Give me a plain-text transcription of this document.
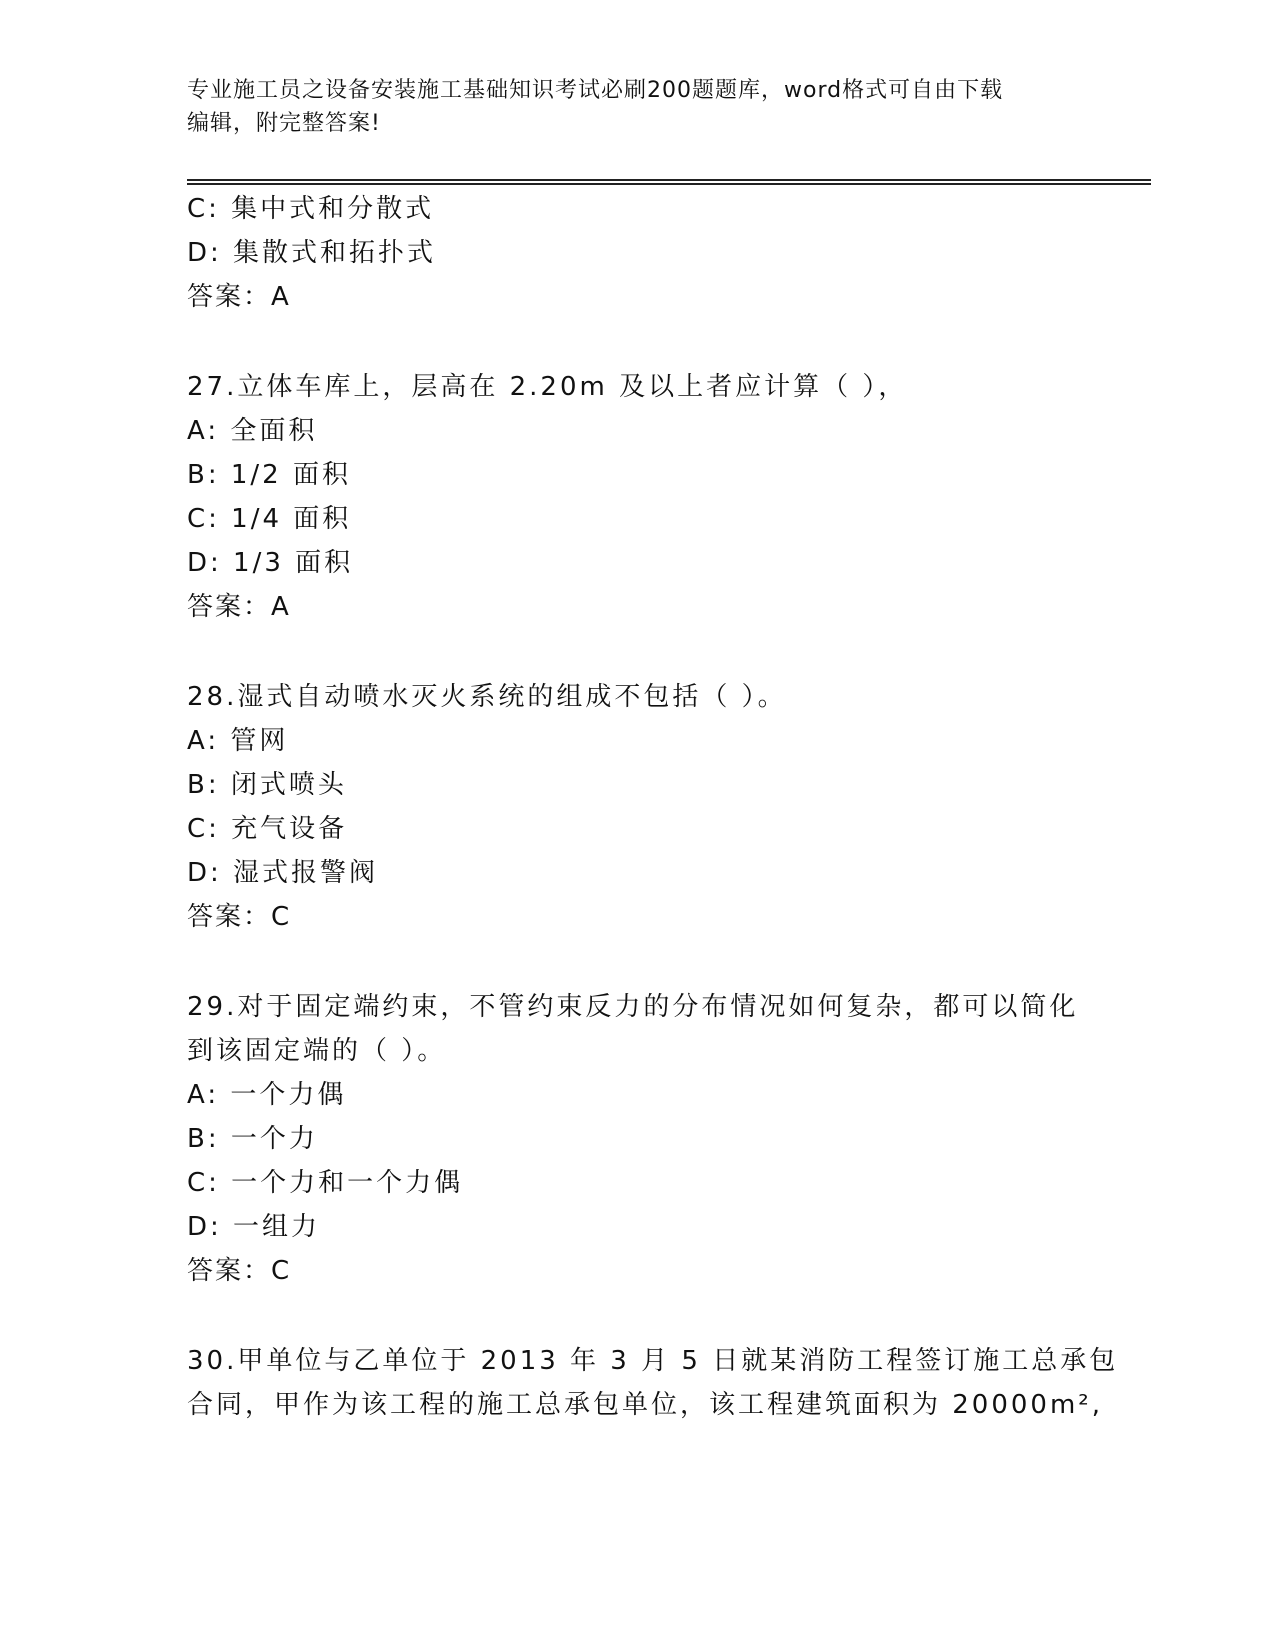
专业施工员之设备安装施工基础知识考试必刷200题题库，word格式可自由下载
编辑，附完整答案!
C: 集中式和分散式
D: 集散式和拓扑式
答案：A
27.立体车库上，层高在 2.20m 及以上者应计算（ ），
A: 全面积
B: 1/2 面积
C: 1/4 面积
D: 1/3 面积
答案：A
28.湿式自动喷水灭火系统的组成不包括（ ）。
A: 管网
B: 闭式喷头
C: 充气设备
D: 湿式报警阀
答案：C
29.对于固定端约束，不管约束反力的分布情况如何复杂，都可以简化
到该固定端的（ ）。
A: 一个力偶
B: 一个力
C: 一个力和一个力偶
D: 一组力
答案：C
30.甲单位与乙单位于 2013 年 3 月 5 日就某消防工程签订施工总承包
合同，甲作为该工程的施工总承包单位，该工程建筑面积为 20000m²,
